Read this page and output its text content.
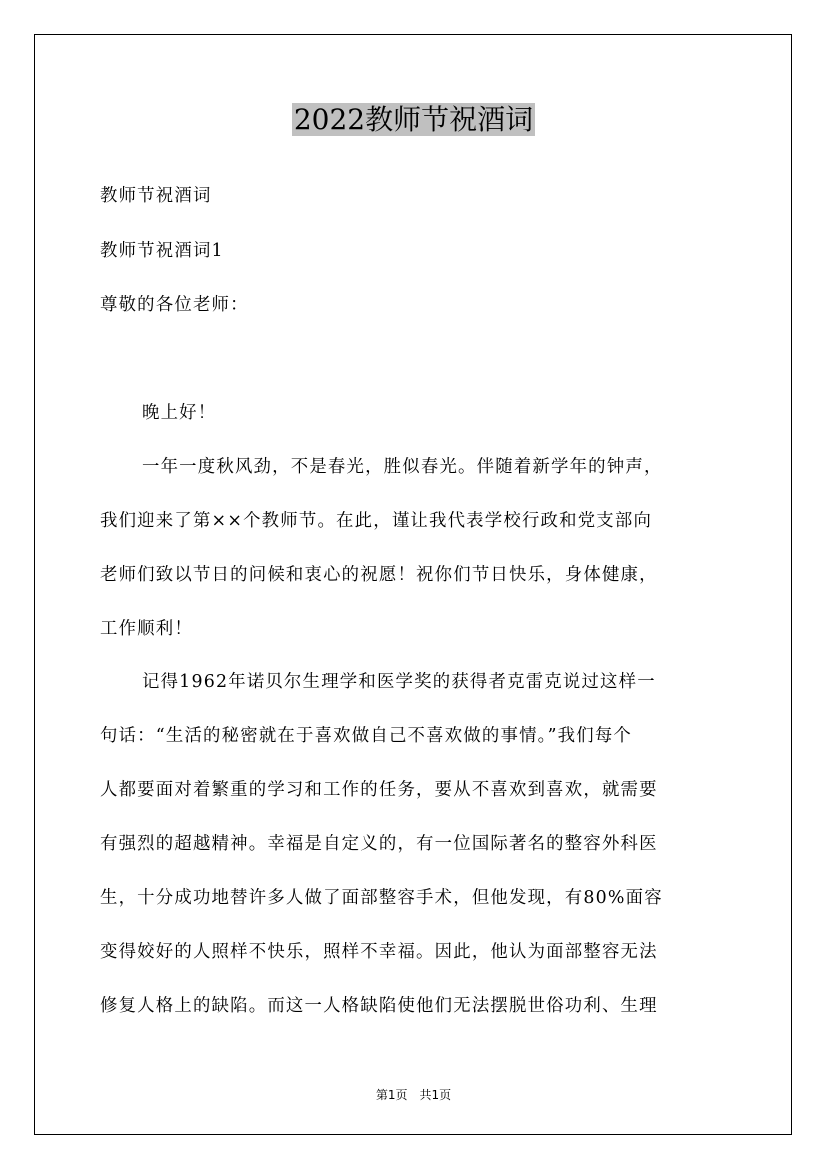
2022教师节祝酒词
教师节祝酒词
教师节祝酒词1
尊敬的各位老师：
晚上好！
一年一度秋风劲，不是春光，胜似春光。伴随着新学年的钟声，
我们迎来了第××个教师节。在此，谨让我代表学校行政和党支部向
老师们致以节日的问候和衷心的祝愿！祝你们节日快乐，身体健康，
工作顺利！
记得1962年诺贝尔生理学和医学奖的获得者克雷克说过这样一
句话：“生活的秘密就在于喜欢做自己不喜欢做的事情。”我们每个
人都要面对着繁重的学习和工作的任务，要从不喜欢到喜欢，就需要
有强烈的超越精神。幸福是自定义的，有一位国际著名的整容外科医
生，十分成功地替许多人做了面部整容手术，但他发现，有80%面容
变得姣好的人照样不快乐，照样不幸福。因此，他认为面部整容无法
修复人格上的缺陷。而这一人格缺陷使他们无法摆脱世俗功利、生理
第1页　共1页
